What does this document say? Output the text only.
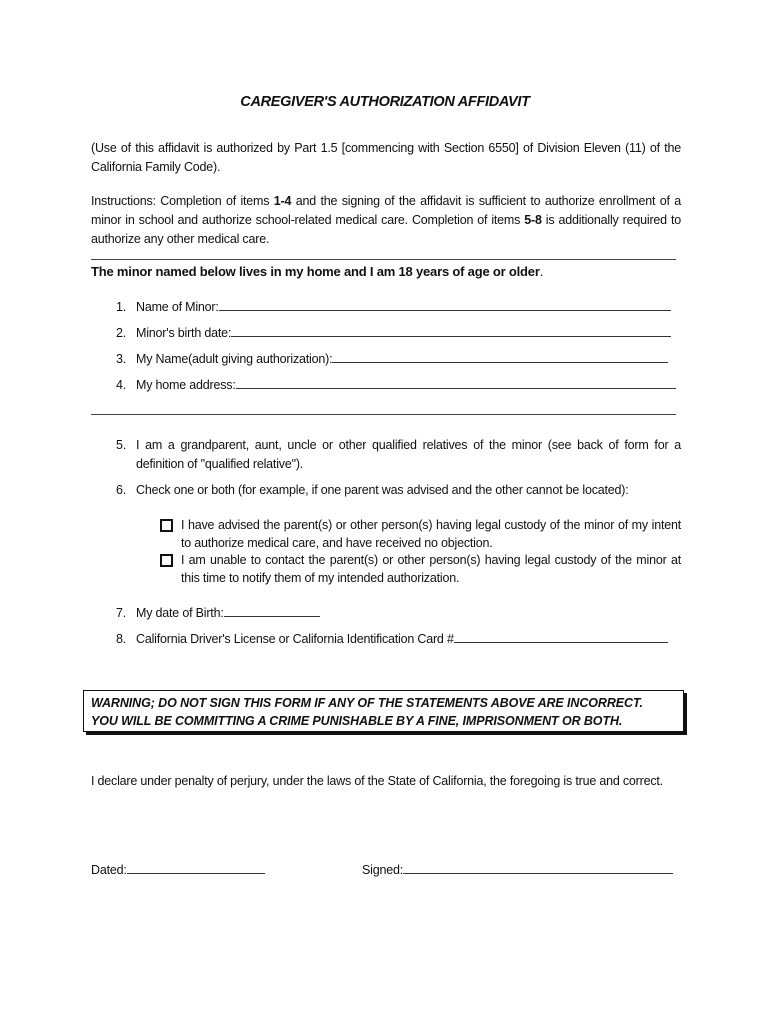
CAREGIVER'S AUTHORIZATION AFFIDAVIT
(Use of this affidavit is authorized by Part 1.5 [commencing with Section 6550] of Division Eleven (11) of the California Family Code).
Instructions: Completion of items 1-4 and the signing of the affidavit is sufficient to authorize enrollment of a minor in school and authorize school-related medical care. Completion of items 5-8 is additionally required to authorize any other medical care.
The minor named below lives in my home and I am 18 years of age or older.
1. Name of Minor:
2. Minor's birth date:
3. My Name(adult giving authorization):
4. My home address:
5. I am a grandparent, aunt, uncle or other qualified relatives of the minor (see back of form for a definition of "qualified relative").
6. Check one or both (for example, if one parent was advised and the other cannot be located):
I have advised the parent(s) or other person(s) having legal custody of the minor of my intent to authorize medical care, and have received no objection.
I am unable to contact the parent(s) or other person(s) having legal custody of the minor at this time to notify them of my intended authorization.
7. My date of Birth:
8. California Driver's License or California Identification Card #
WARNING; DO NOT SIGN THIS FORM IF ANY OF THE STATEMENTS ABOVE ARE INCORRECT.
YOU WILL BE COMMITTING A CRIME PUNISHABLE BY A FINE, IMPRISONMENT OR BOTH.
I declare under penalty of perjury, under the laws of the State of California, the foregoing is true and correct.
Dated:	Signed:
